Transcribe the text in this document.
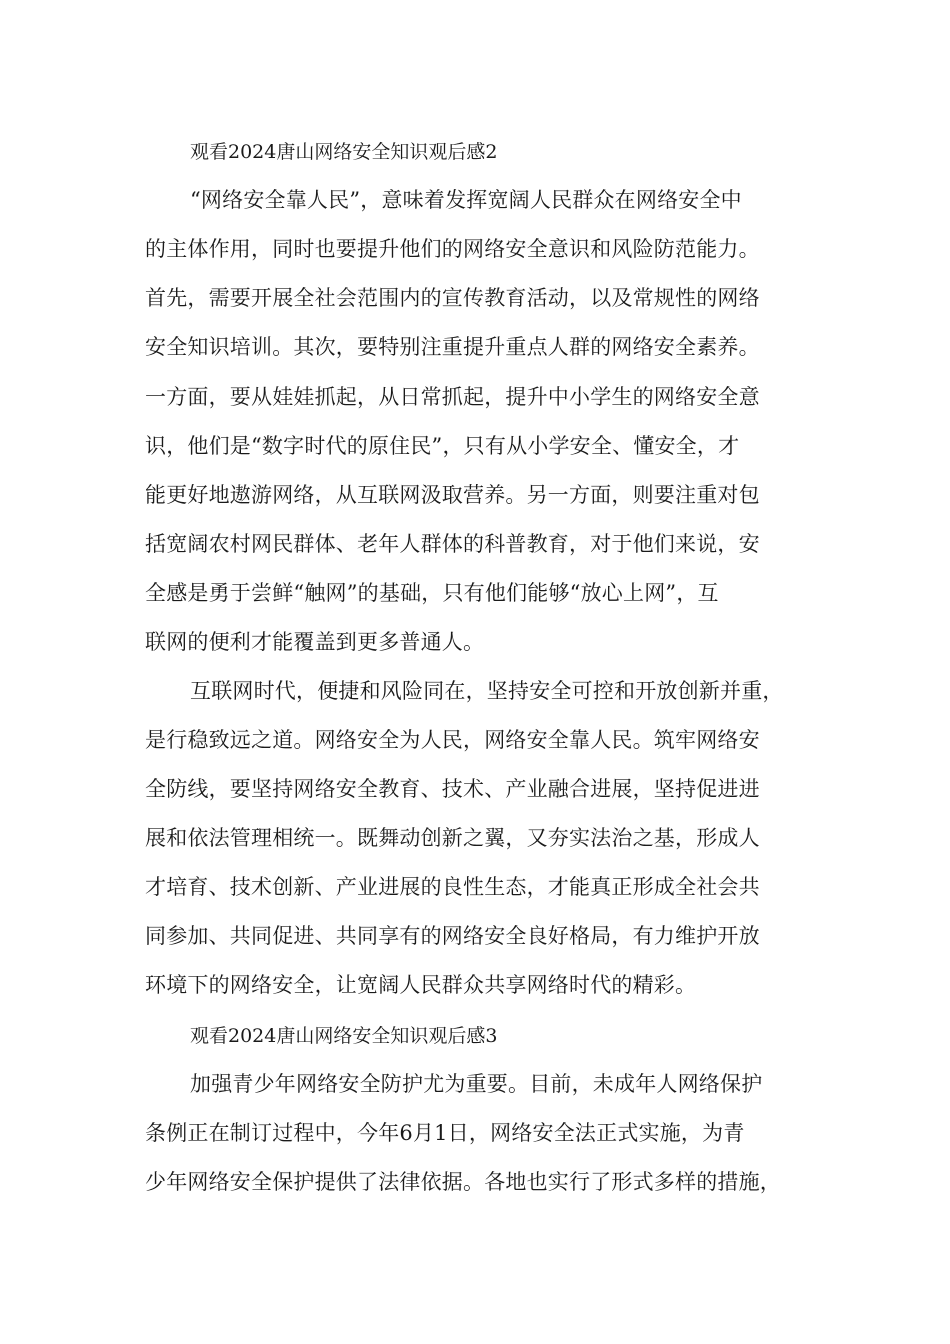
观看2024唐山网络安全知识观后感2
“网络安全靠人民”，意味着发挥宽阔人民群众在网络安全中
的主体作用，同时也要提升他们的网络安全意识和风险防范能力。
首先，需要开展全社会范围内的宣传教育活动，以及常规性的网络
安全知识培训。其次，要特别注重提升重点人群的网络安全素养。
一方面，要从娃娃抓起，从日常抓起，提升中小学生的网络安全意
识，他们是“数字时代的原住民”，只有从小学安全、懂安全，才
能更好地遨游网络，从互联网汲取营养。另一方面，则要注重对包
括宽阔农村网民群体、老年人群体的科普教育，对于他们来说，安
全感是勇于尝鲜“触网”的基础，只有他们能够“放心上网”，互
联网的便利才能覆盖到更多普通人。
互联网时代，便捷和风险同在，坚持安全可控和开放创新并重，
是行稳致远之道。网络安全为人民，网络安全靠人民。筑牢网络安
全防线，要坚持网络安全教育、技术、产业融合进展，坚持促进进
展和依法管理相统一。既舞动创新之翼，又夯实法治之基，形成人
才培育、技术创新、产业进展的良性生态，才能真正形成全社会共
同参加、共同促进、共同享有的网络安全良好格局，有力维护开放
环境下的网络安全，让宽阔人民群众共享网络时代的精彩。
观看2024唐山网络安全知识观后感3
加强青少年网络安全防护尤为重要。目前，未成年人网络保护
条例正在制订过程中，今年6月1日，网络安全法正式实施，为青
少年网络安全保护提供了法律依据。各地也实行了形式多样的措施，
